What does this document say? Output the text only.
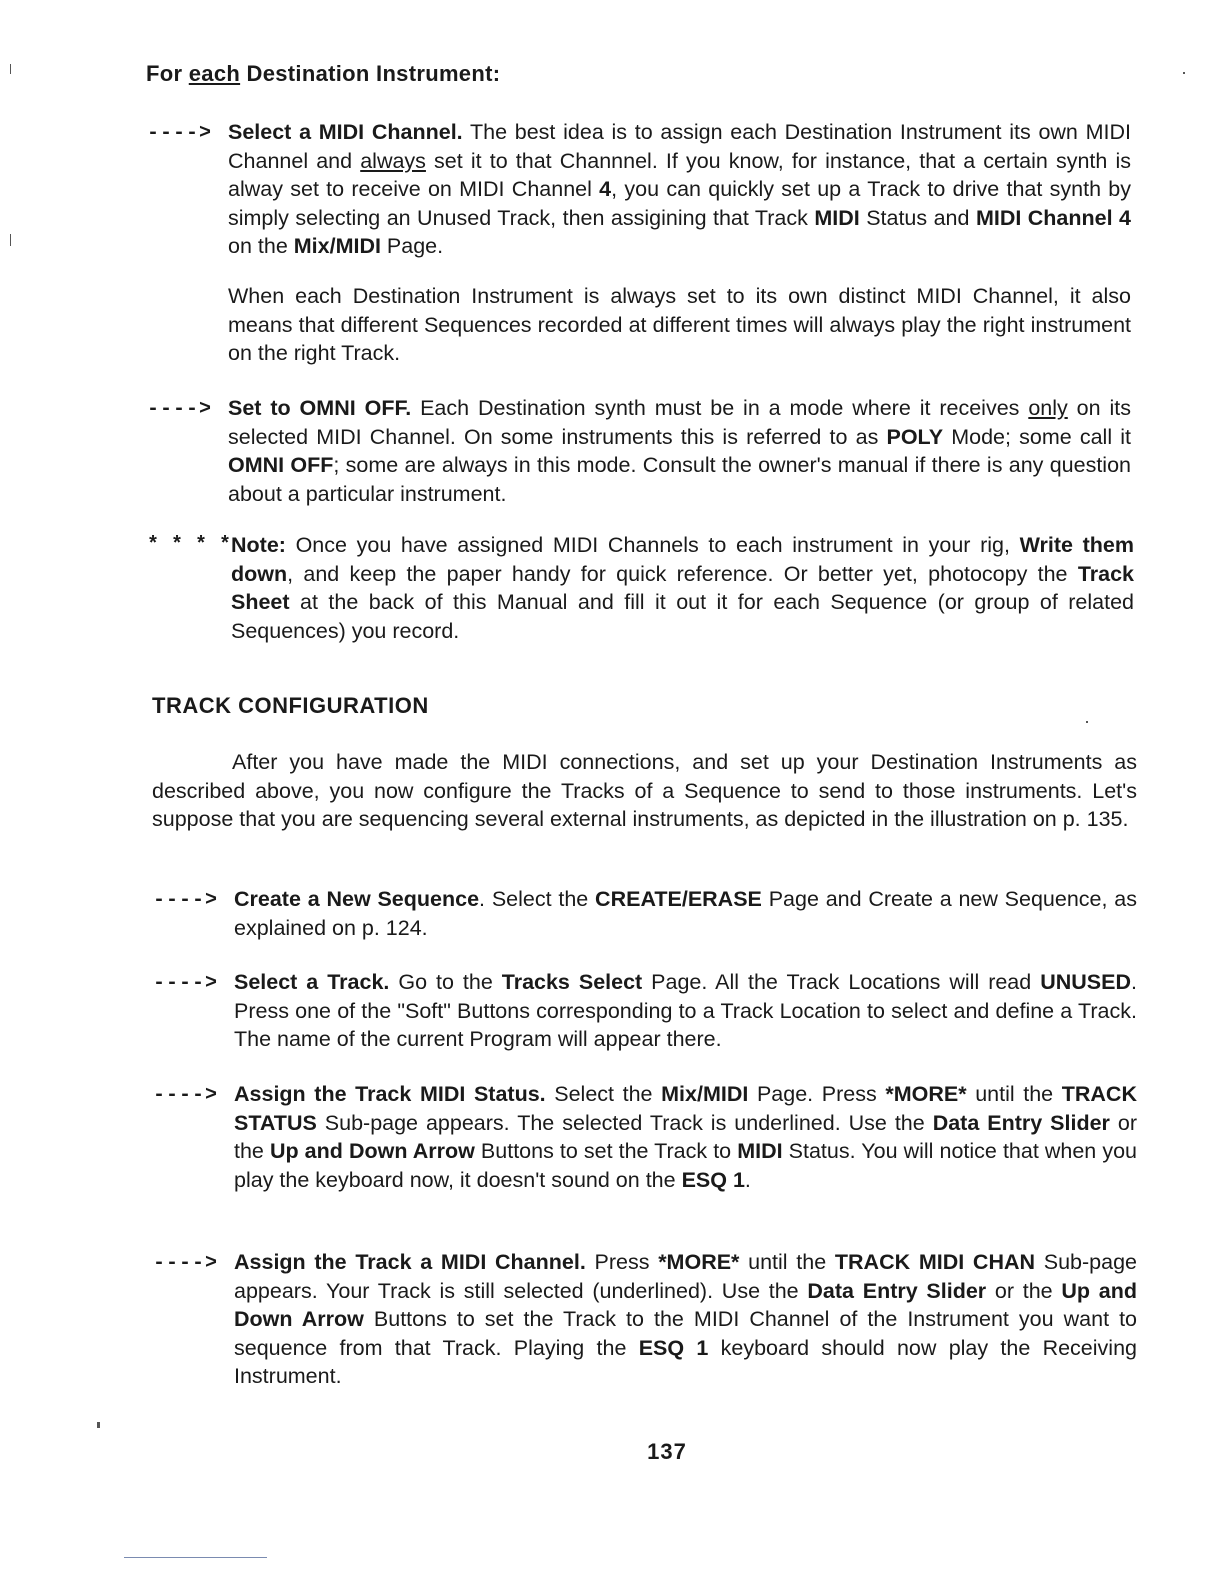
For each Destination Instrument:
----> Select a MIDI Channel. The best idea is to assign each Destination Instrument its own MIDI Channel and always set it to that Channnel. If you know, for instance, that a certain synth is alway set to receive on MIDI Channel 4, you can quickly set up a Track to drive that synth by simply selecting an Unused Track, then assigining that Track MIDI Status and MIDI Channel 4 on the Mix/MIDI Page.

When each Destination Instrument is always set to its own distinct MIDI Channel, it also means that different Sequences recorded at different times will always play the right instrument on the right Track.

----> Set to OMNI OFF. Each Destination synth must be in a mode where it receives only on its selected MIDI Channel. On some instruments this is referred to as POLY Mode; some call it OMNI OFF; some are always in this mode. Consult the owner's manual if there is any question about a particular instrument.

* * * * Note: Once you have assigned MIDI Channels to each instrument in your rig, Write them down, and keep the paper handy for quick reference. Or better yet, photocopy the Track Sheet at the back of this Manual and fill it out it for each Sequence (or group of related Sequences) you record.

TRACK CONFIGURATION

After you have made the MIDI connections, and set up your Destination Instruments as described above, you now configure the Tracks of a Sequence to send to those instruments. Let's suppose that you are sequencing several external instruments, as depicted in the illustration on p. 135.

----> Create a New Sequence. Select the CREATE/ERASE Page and Create a new Sequence, as explained on p. 124.

----> Select a Track. Go to the Tracks Select Page. All the Track Locations will read UNUSED. Press one of the "Soft" Buttons corresponding to a Track Location to select and define a Track. The name of the current Program will appear there.

----> Assign the Track MIDI Status. Select the Mix/MIDI Page. Press *MORE* until the TRACK STATUS Sub-page appears. The selected Track is underlined. Use the Data Entry Slider or the Up and Down Arrow Buttons to set the Track to MIDI Status. You will notice that when you play the keyboard now, it doesn't sound on the ESQ 1.

----> Assign the Track a MIDI Channel. Press *MORE* until the TRACK MIDI CHAN Sub-page appears. Your Track is still selected (underlined). Use the Data Entry Slider or the Up and Down Arrow Buttons to set the Track to the MIDI Channel of the Instrument you want to sequence from that Track. Playing the ESQ 1 keyboard should now play the Receiving Instrument.

137
